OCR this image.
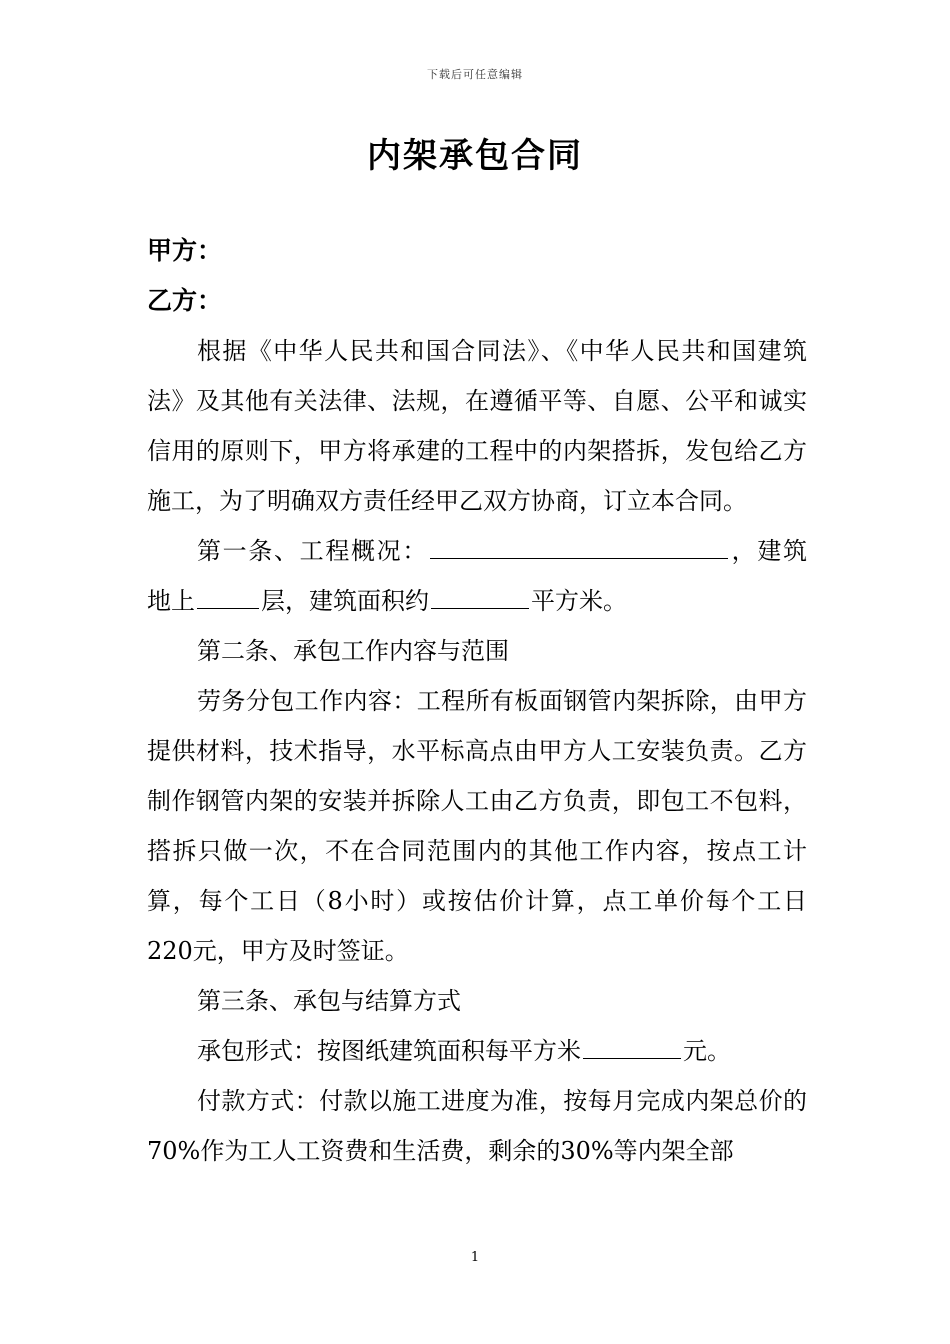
下载后可任意编辑
内架承包合同

甲方：

乙方：

根据《中华人民共和国合同法》、《中华人民共和国建筑法》及其他有关法律、法规，在遵循平等、自愿、公平和诚实信用的原则下，甲方将承建的工程中的内架搭拆，发包给乙方施工，为了明确双方责任经甲乙双方协商，订立本合同。

第一条、工程概况：	，建筑地上	层，建筑面积约	平方米。

第二条、承包工作内容与范围

劳务分包工作内容：工程所有板面钢管内架拆除，由甲方提供材料，技术指导，水平标高点由甲方人工安装负责。乙方制作钢管内架的安装并拆除人工由乙方负责，即包工不包料，搭拆只做一次，不在合同范围内的其他工作内容，按点工计算，每个工日（8小时）或按估价计算，点工单价每个工日220元，甲方及时签证。

第三条、承包与结算方式

承包形式：按图纸建筑面积每平方米	元。

付款方式：付款以施工进度为准，按每月完成内架总价的70%作为工人工资费和生活费，剩余的30%等内架全部

1
